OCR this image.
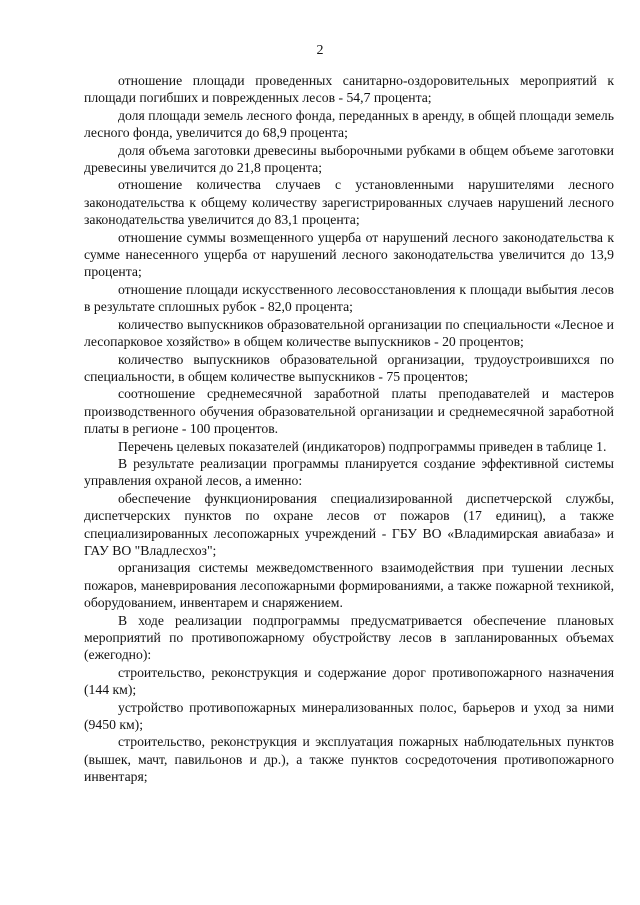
2

отношение площади проведенных санитарно-оздоровительных мероприятий к площади погибших и поврежденных лесов - 54,7 процента;

доля площади земель лесного фонда, переданных в аренду, в общей площади земель лесного фонда, увеличится до 68,9 процента;

доля объема заготовки древесины выборочными рубками в общем объеме заготовки древесины увеличится до 21,8 процента;

отношение количества случаев с установленными нарушителями лесного законодательства к общему количеству зарегистрированных случаев нарушений лесного законодательства увеличится до 83,1 процента;

отношение суммы возмещенного ущерба от нарушений лесного законодательства к сумме нанесенного ущерба от нарушений лесного законодательства увеличится до 13,9 процента;

отношение площади искусственного лесовосстановления к площади выбытия лесов в результате сплошных рубок - 82,0 процента;

количество выпускников образовательной организации по специальности «Лесное и лесопарковое хозяйство» в общем количестве выпускников - 20 процентов;

количество выпускников образовательной организации, трудоустроившихся по специальности, в общем количестве выпускников - 75 процентов;

соотношение среднемесячной заработной платы преподавателей и мастеров производственного обучения образовательной организации и среднемесячной заработной платы в регионе - 100 процентов.

Перечень целевых показателей (индикаторов) подпрограммы приведен в таблице 1.

В результате реализации программы планируется создание эффективной системы управления охраной лесов, а именно:

обеспечение функционирования специализированной диспетчерской службы, диспетчерских пунктов по охране лесов от пожаров (17 единиц), а также специализированных лесопожарных учреждений - ГБУ ВО «Владимирская авиабаза» и ГАУ ВО "Владлесхоз";

организация системы межведомственного взаимодействия при тушении лесных пожаров, маневрирования лесопожарными формированиями, а также пожарной техникой, оборудованием, инвентарем и снаряжением.

В ходе реализации подпрограммы предусматривается обеспечение плановых мероприятий по противопожарному обустройству лесов в запланированных объемах (ежегодно):

строительство, реконструкция и содержание дорог противопожарного назначения (144 км);

устройство противопожарных минерализованных полос, барьеров и уход за ними (9450 км);

строительство, реконструкция и эксплуатация пожарных наблюдательных пунктов (вышек, мачт, павильонов и др.), а также пунктов сосредоточения противопожарного инвентаря;
